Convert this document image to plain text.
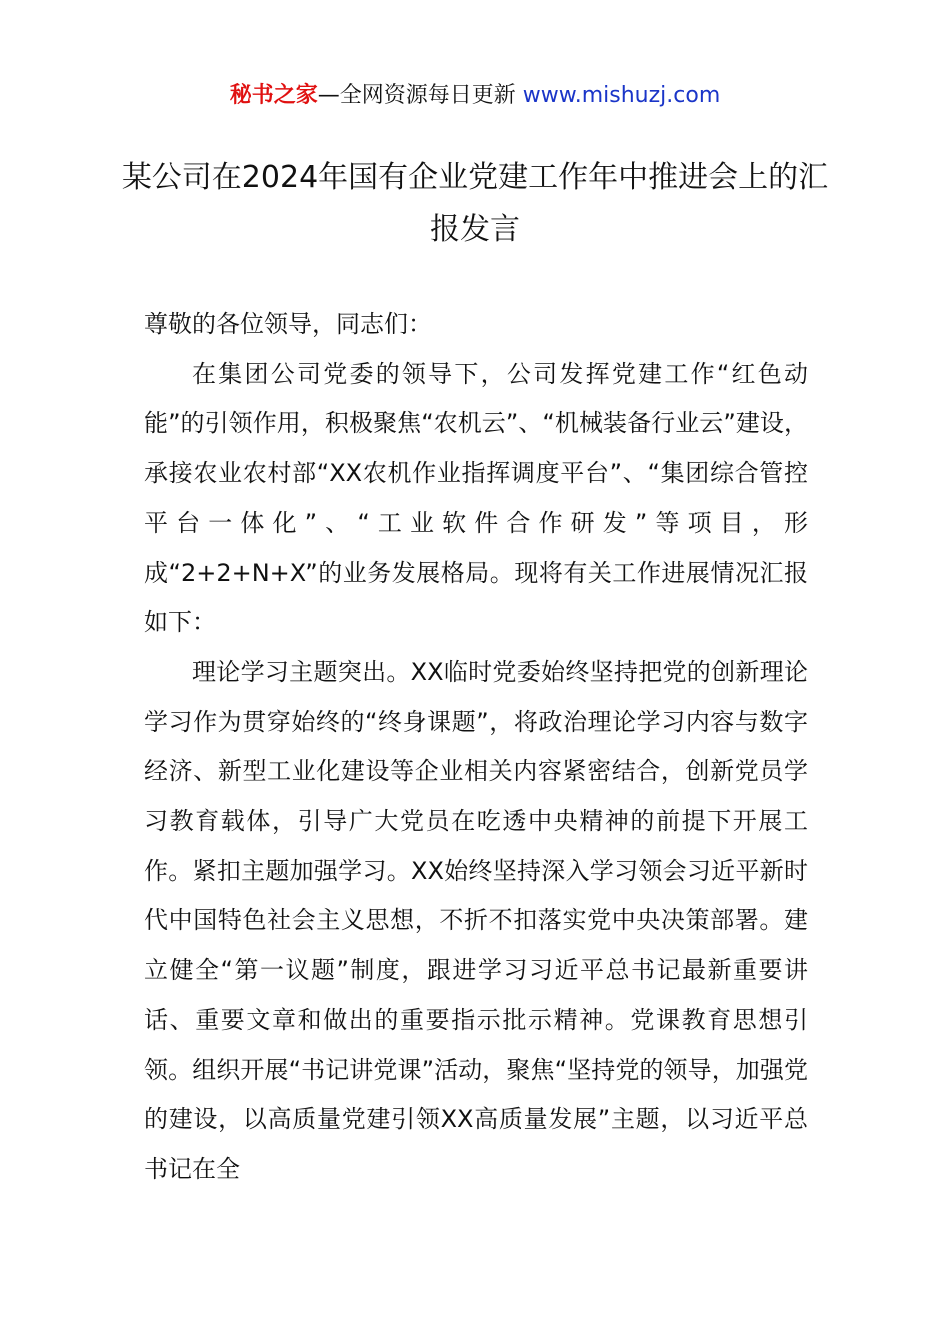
秘书之家—全网资源每日更新 www.mishuzj.com
某公司在2024年国有企业党建工作年中推进会上的汇报发言

尊敬的各位领导，同志们：

在集团公司党委的领导下，公司发挥党建工作“红色动能”的引领作用，积极聚焦“农机云”、“机械装备行业云”建设，承接农业农村部“XX农机作业指挥调度平台”、“集团综合管控平台一体化”、“工业软件合作研发”等项目，形成“2+2+N+X”的业务发展格局。现将有关工作进展情况汇报如下：

理论学习主题突出。XX临时党委始终坚持把党的创新理论学习作为贯穿始终的“终身课题”，将政治理论学习内容与数字经济、新型工业化建设等企业相关内容紧密结合，创新党员学习教育载体，引导广大党员在吃透中央精神的前提下开展工作。紧扣主题加强学习。XX始终坚持深入学习领会习近平新时代中国特色社会主义思想，不折不扣落实党中央决策部署。建立健全“第一议题”制度，跟进学习习近平总书记最新重要讲话、重要文章和做出的重要指示批示精神。党课教育思想引领。组织开展“书记讲党课”活动，聚焦“坚持党的领导，加强党的建设，以高质量党建引领XX高质量发展”主题，以习近平总书记在全
